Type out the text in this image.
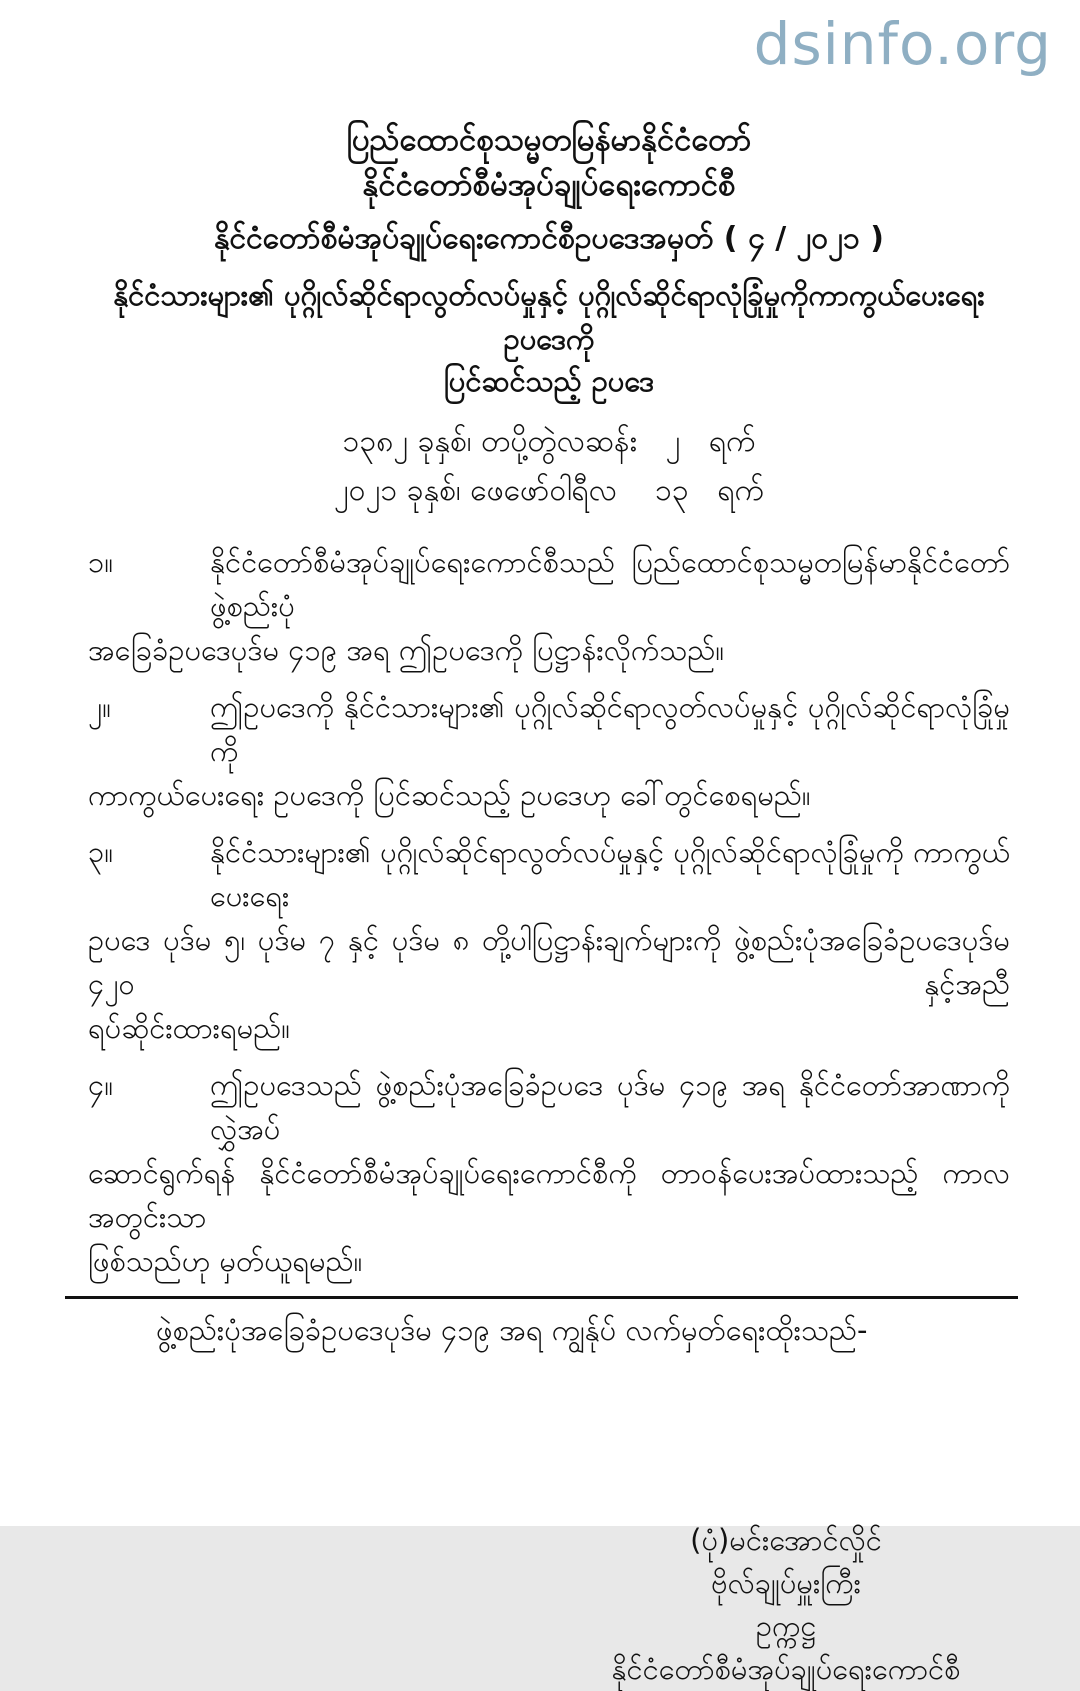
dsinfo.org
ပြည်ထောင်စုသမ္မတမြန်မာနိုင်ငံတော်
နိုင်ငံတော်စီမံအုပ်ချုပ်ရေးကောင်စီ
နိုင်ငံတော်စီမံအုပ်ချုပ်ရေးကောင်စီဥပဒေအမှတ် ( ၄ / ၂၀၂၁ )
နိုင်ငံသားများ၏ ပုဂ္ဂိုလ်ဆိုင်ရာလွတ်လပ်မှုနှင့် ပုဂ္ဂိုလ်ဆိုင်ရာလုံခြုံမှုကိုကာကွယ်ပေးရေးဥပဒေကို
ပြင်ဆင်သည့် ဥပဒေ
၁၃၈၂ ခုနှစ်၊ တပို့တွဲလဆန်း   ၂   ရက်
၂၀၂၁ ခုနှစ်၊ ဖေဖော်ဝါရီလ    ၁၃   ရက်
၁။	နိုင်ငံတော်စီမံအုပ်ချုပ်ရေးကောင်စီသည် ပြည်ထောင်စုသမ္မတမြန်မာနိုင်ငံတော် ဖွဲ့စည်းပုံ
အခြေခံဥပဒေပုဒ်မ ၄၁၉ အရ ဤဥပဒေကို ပြဋ္ဌာန်းလိုက်သည်။
၂။	ဤဥပဒေကို နိုင်ငံသားများ၏ ပုဂ္ဂိုလ်ဆိုင်ရာလွတ်လပ်မှုနှင့် ပုဂ္ဂိုလ်ဆိုင်ရာလုံခြုံမှုကို
ကာကွယ်ပေးရေး ဥပဒေကို ပြင်ဆင်သည့် ဥပဒေဟု ခေါ်တွင်စေရမည်။
၃။	နိုင်ငံသားများ၏ ပုဂ္ဂိုလ်ဆိုင်ရာလွတ်လပ်မှုနှင့် ပုဂ္ဂိုလ်ဆိုင်ရာလုံခြုံမှုကို ကာကွယ်ပေးရေး
ဥပဒေ ပုဒ်မ ၅၊ ပုဒ်မ ၇ နှင့် ပုဒ်မ ၈ တို့ပါပြဋ္ဌာန်းချက်များကို ဖွဲ့စည်းပုံအခြေခံဥပဒေပုဒ်မ ၄၂၀ နှင့်အညီ
ရပ်ဆိုင်းထားရမည်။
၄။	ဤဥပဒေသည် ဖွဲ့စည်းပုံအခြေခံဥပဒေ ပုဒ်မ ၄၁၉ အရ နိုင်ငံတော်အာဏာကို လွှဲအပ်
ဆောင်ရွက်ရန် နိုင်ငံတော်စီမံအုပ်ချုပ်ရေးကောင်စီကို တာဝန်ပေးအပ်ထားသည့် ကာလအတွင်းသာ
ဖြစ်သည်ဟု မှတ်ယူရမည်။
ဖွဲ့စည်းပုံအခြေခံဥပဒေပုဒ်မ ၄၁၉ အရ ကျွန်ုပ် လက်မှတ်ရေးထိုးသည်-
(ပုံ)မင်းအောင်လှိုင်
ဗိုလ်ချုပ်မှူးကြီး
ဥက္ကဋ္ဌ
နိုင်ငံတော်စီမံအုပ်ချုပ်ရေးကောင်စီ
